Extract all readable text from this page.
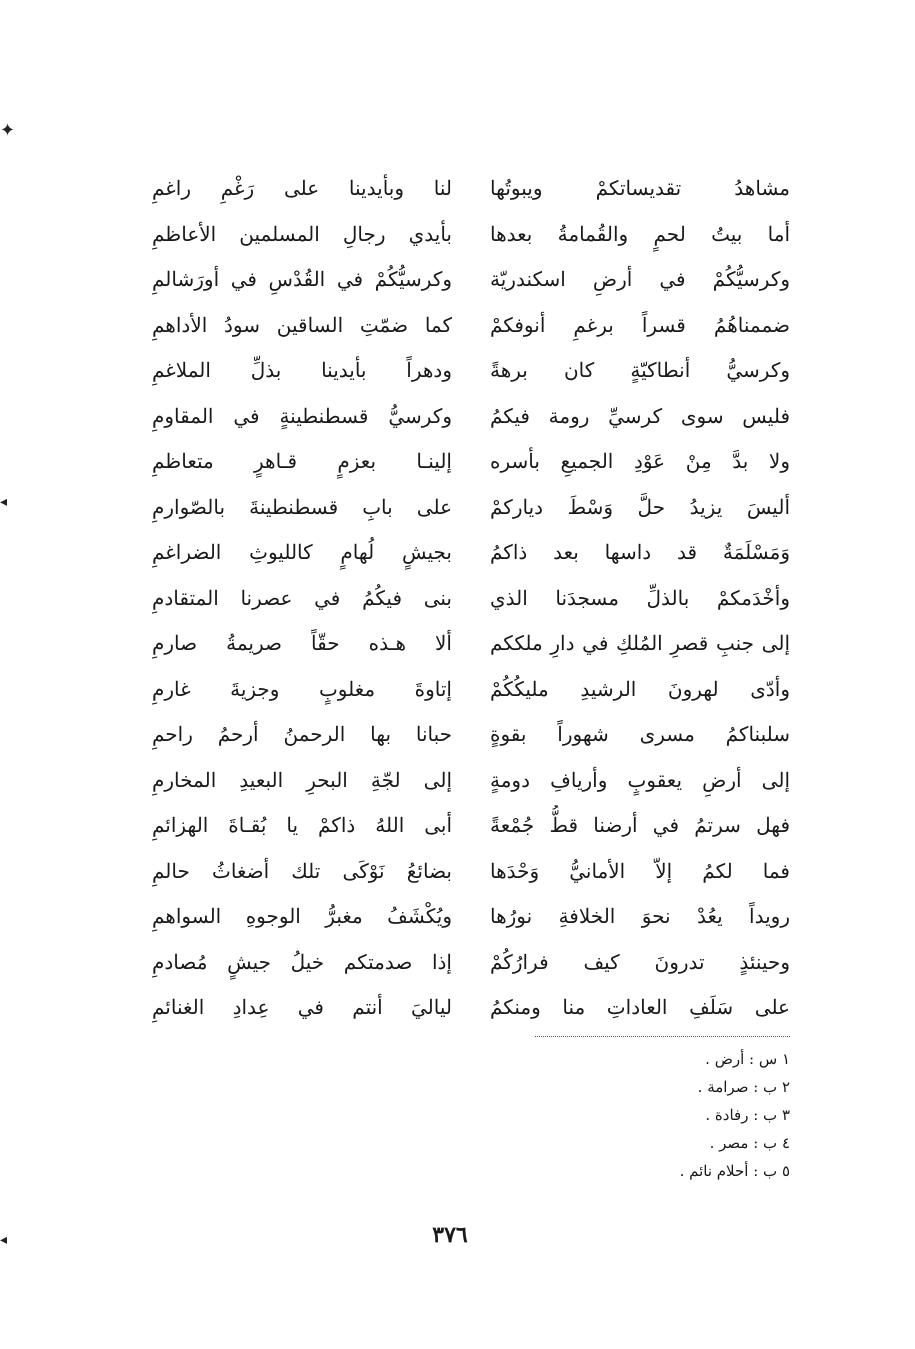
✦
◂
◂
مشاهدُ تقديساتكمْ ويبوتُها
لنا وبأيدينا على رَغْمِ راغمِ
أما بيتُ لحمٍ والقُمامةُ بعدها
بأيدي رجالِ المسلمين الأعاظمِ
وكرسيُّكُمْ في أرضِ اسكندريّة
وكرسيُّكُمْ في القُدْسِ في أورَشالمِ
ضممناهُمُ قسراً برغمِ أنوفكمْ
كما ضمّتِ الساقين سودُ الأداهمِ
وكرسيُّ أنطاكيّةٍ كان برهةً
ودهراً بأيدينا بذلِّ الملاغمِ
فليس سوى كرسيِّ رومة فيكمُ
وكرسيُّ قسطنطينةٍ في المقاومِ
ولا بدَّ مِنْ عَوْدِ الجميعِ بأسره
إلينـا بعزمٍ قـاهرٍ متعاظمِ
أليسَ يزيدُ حلَّ وَسْطَ دياركمْ
على بابِ قسطنطينةَ بالصّوارمِ
وَمَسْلَمَةٌ قد داسها بعد ذاكمُ
بجيشٍ لُهامٍ كالليوثِ الضراغمِ
وأخْدَمكمْ بالذلِّ مسجدَنا الذي
بنى فيكُمُ في عصرنا المتقادمِ
إلى جنبِ قصرِ المُلكِ في دارِ ملككم
ألا هـذه حقّاً صريمةُ صارمِ
وأدّى لهرونَ الرشيدِ مليكُكُمْ
إتاوةَ مغلوبٍ وجزيةَ غارمِ
سلبناكمُ مسرى شهوراً بقوةٍ
حبانا بها الرحمنُ أرحمُ راحمِ
إلى أرضِ يعقوبٍ وأريافِ دومةٍ
إلى لجّةِ البحرِ البعيدِ المخارمِ
فهل سرتمُ في أرضنا قطُّ جُمْعةً
أبى اللهُ ذاكمْ يا بُقـاةَ الهزائمِ
فما لكمُ إلاّ الأمانيُّ وَحْدَها
بضائعُ نَوْكَى تلك أضغاثُ حالمِ
رويداً يعُدْ نحوَ الخلافةِ نورُها
ويُكْشَفُ مغبرُّ الوجوهِ السواهمِ
وحينئذٍ تدرونَ كيف فرارُكُمْ
إذا صدمتكم خيلُ جيشٍ مُصادمِ
على سَلَفِ العاداتِ منا ومنكمُ
لياليَ أنتم في عِدادِ الغنائمِ
١ س : أرض .
٢ ب : صرامة .
٣ ب : رفادة .
٤ ب : مصر .
٥ ب : أحلام نائم .
٣٧٦
